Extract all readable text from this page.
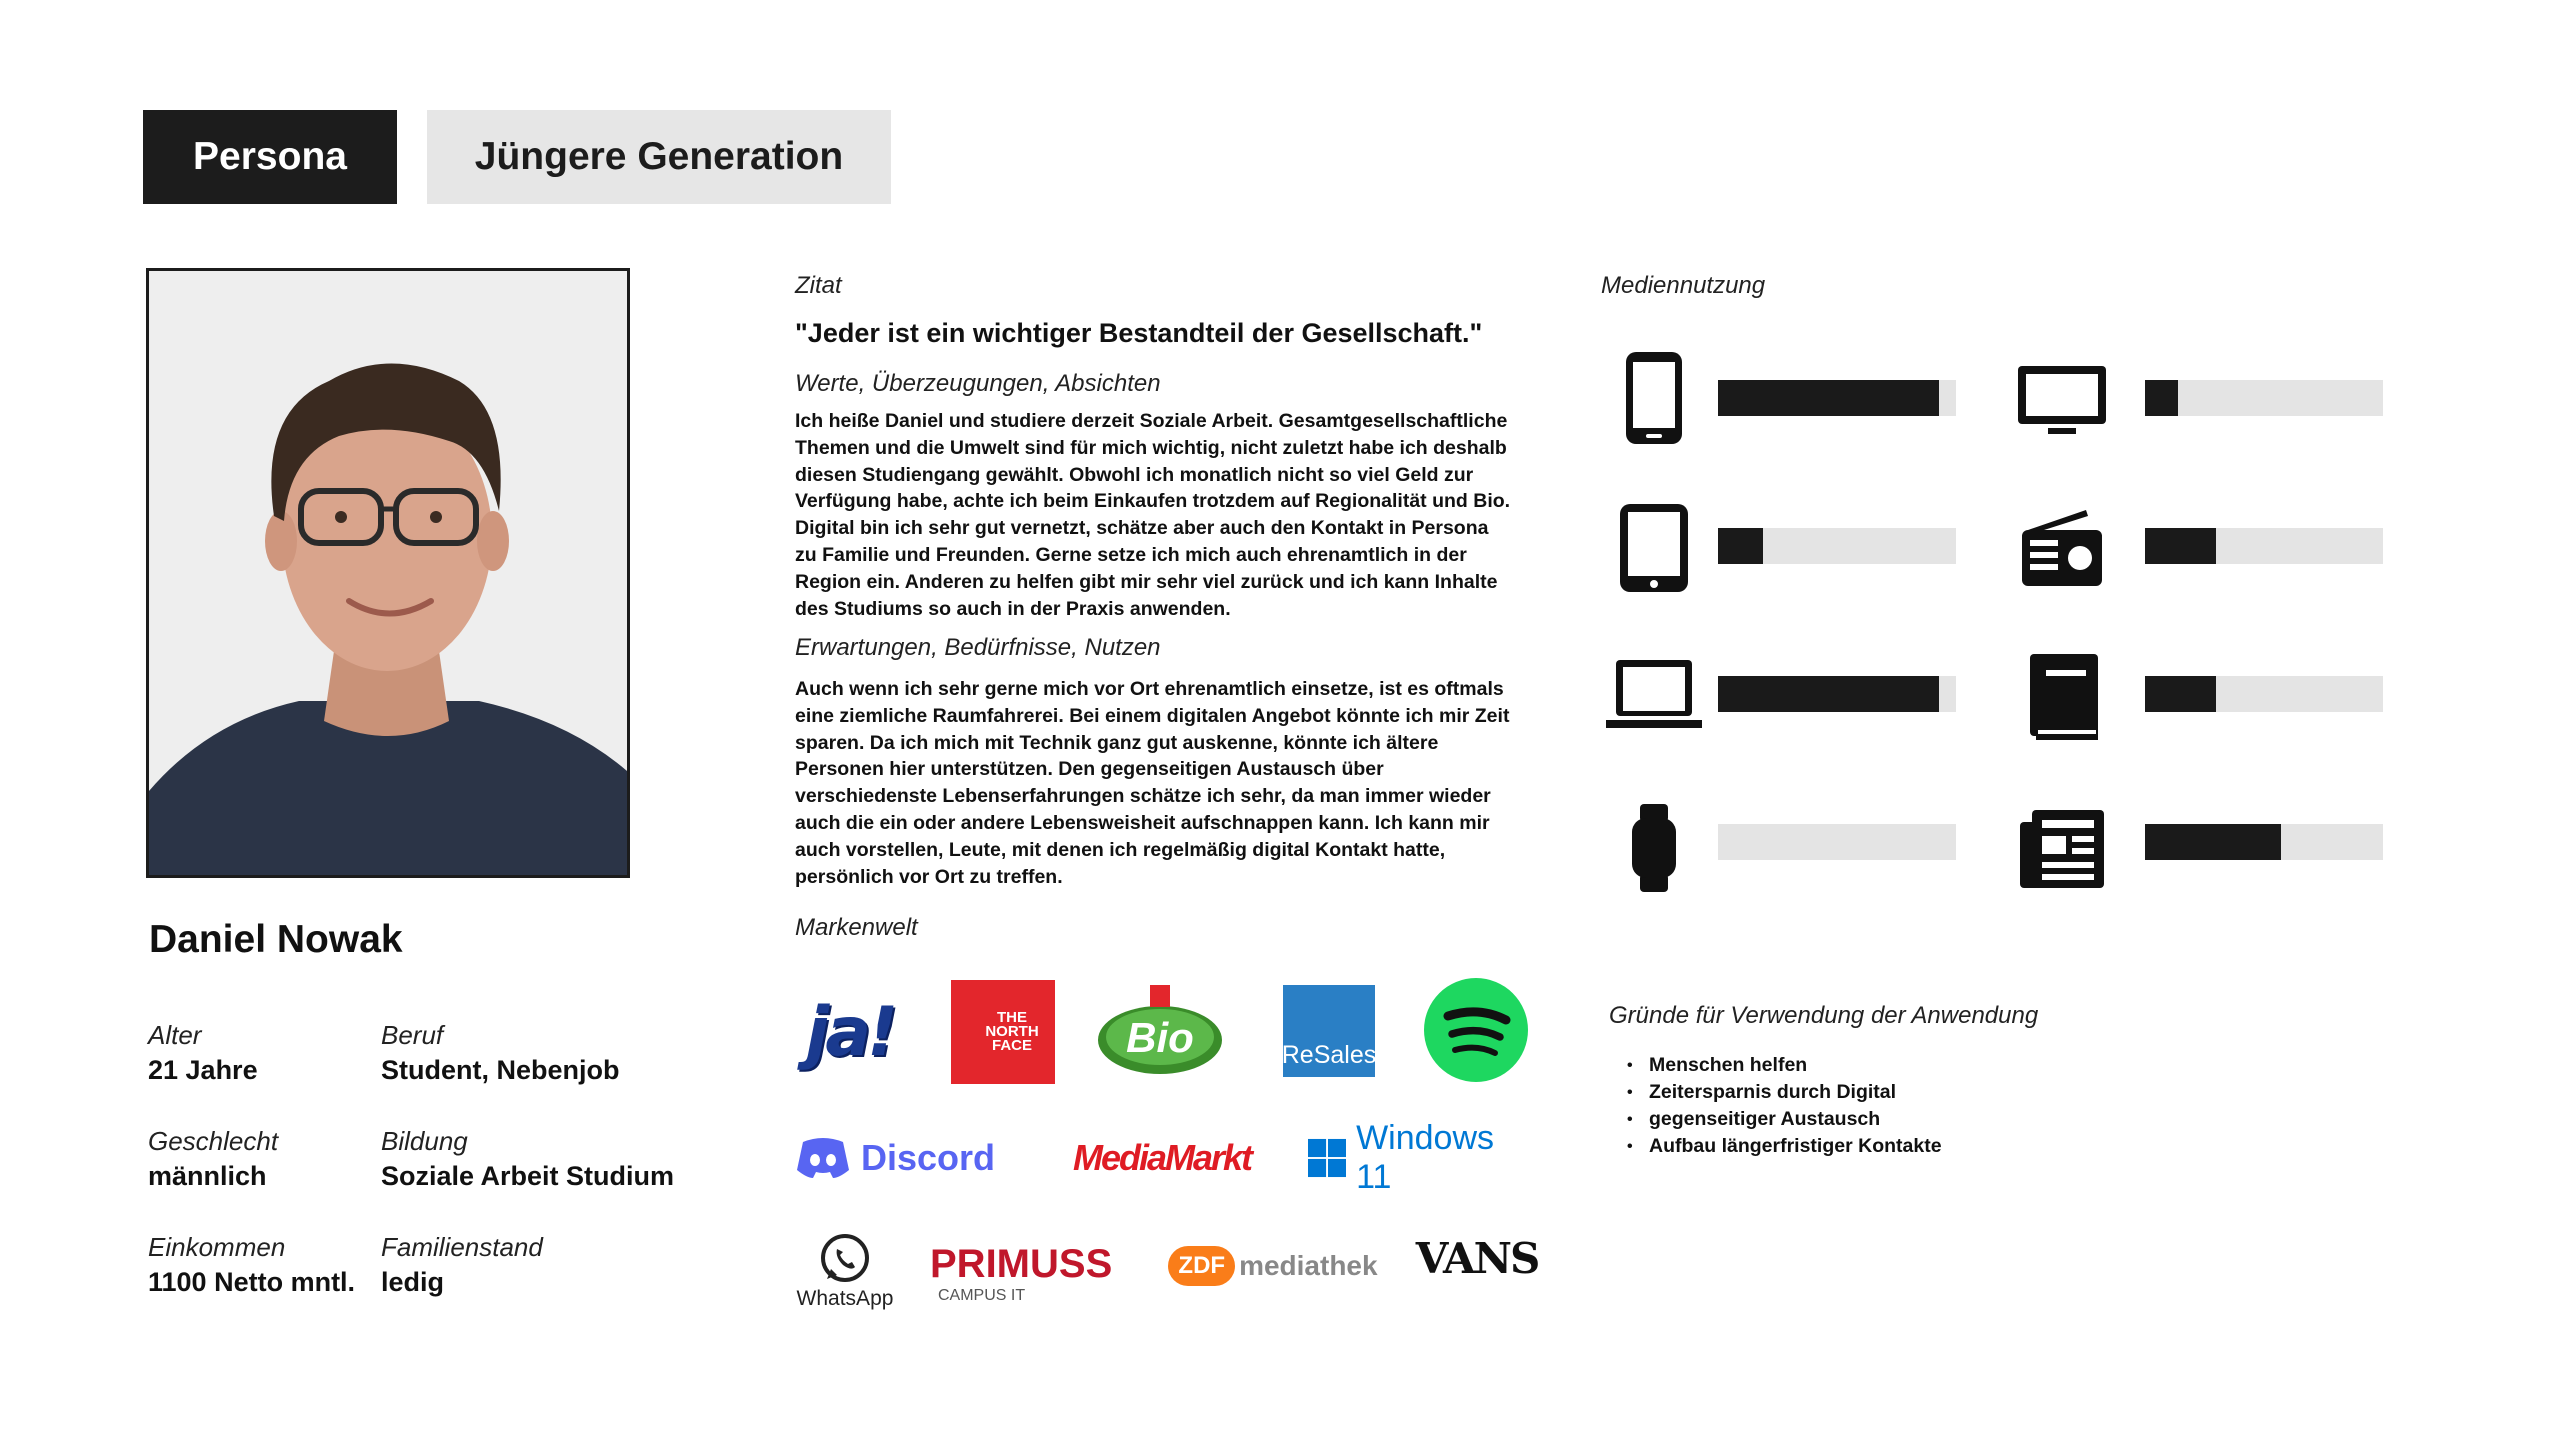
Persona	Jüngere Generation
Daniel Nowak
Alter
21 Jahre
Beruf
Student, Nebenjob
Geschlecht
männlich
Bildung
Soziale Arbeit Studium
Einkommen
1100 Netto mntl.
Familienstand
ledig
Zitat
"Jeder ist ein wichtiger Bestandteil der Gesellschaft."
Werte, Überzeugungen, Absichten
Ich heiße Daniel und studiere derzeit Soziale Arbeit. Gesamtgesellschaftliche Themen und die Umwelt sind für mich wichtig, nicht zuletzt habe ich deshalb diesen Studiengang gewählt. Obwohl ich monatlich nicht so viel Geld zur Verfügung habe, achte ich beim Einkaufen trotzdem auf Regionalität und Bio. Digital bin ich sehr gut vernetzt, schätze aber auch den Kontakt in Persona zu Familie und Freunden. Gerne setze ich mich auch ehrenamtlich in der Region ein. Anderen zu helfen gibt mir sehr viel zurück und ich kann Inhalte des Studiums so auch in der Praxis anwenden.
Erwartungen, Bedürfnisse, Nutzen
Auch wenn ich sehr gerne mich vor Ort ehrenamtlich einsetze, ist es oftmals eine ziemliche Raumfahrerei. Bei einem digitalen Angebot könnte ich mir Zeit sparen. Da ich mich mit Technik ganz gut auskenne, könnte ich ältere Personen hier unterstützen. Den gegenseitigen Austausch über verschiedenste Lebenserfahrungen schätze ich sehr, da man immer wieder auch die ein oder andere Lebensweisheit aufschnappen kann. Ich kann mir auch vorstellen, Leute, mit denen ich regelmäßig digital Kontakt hatte, persönlich vor Ort zu treffen.
Markenwelt
ja!	THE NORTH FACE Bio	ReSales
Discord MediaMarkt	Windows 11
WhatsApp
PRIMUSS
CAMPUS IT
ZDF mediathek VANS
Mediennutzung
Gründe für Verwendung der Anwendung
• Menschen helfen
• Zeitersparnis durch Digital
• gegenseitiger Austausch
• Aufbau längerfristiger Kontakte
